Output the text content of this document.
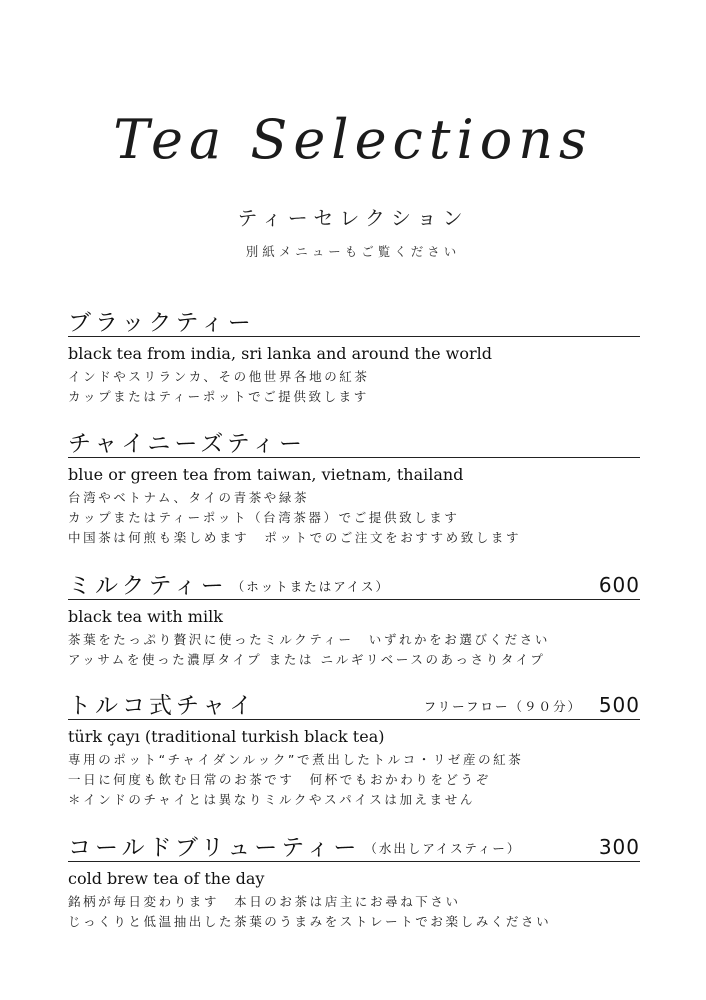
Tea Selections
ティーセレクション
別紙メニューもご覧ください
ブラックティー
black tea from india, sri lanka and around the world
インドやスリランカ、その他世界各地の紅茶
カップまたはティーポットでご提供致します
チャイニーズティー
blue or green tea from taiwan, vietnam, thailand
台湾やベトナム、タイの青茶や緑茶
カップまたはティーポット（台湾茶器）でご提供致します
中国茶は何煎も楽しめます　ポットでのご注文をおすすめ致します
ミルクティー （ホットまたはアイス）	600
black tea with milk
茶葉をたっぷり贅沢に使ったミルクティー　いずれかをお選びください
アッサムを使った濃厚タイプ または ニルギリベースのあっさりタイプ
トルコ式チャイ	フリーフロー（９０分） 500
türk çayı (traditional turkish black tea)
専用のポット“チャイダンルック”で煮出したトルコ・リゼ産の紅茶
一日に何度も飲む日常のお茶です　何杯でもおかわりをどうぞ
＊インドのチャイとは異なりミルクやスパイスは加えません
コールドブリューティー （水出しアイスティー）	300
cold brew tea of the day
銘柄が毎日変わります　本日のお茶は店主にお尋ね下さい
じっくりと低温抽出した茶葉のうまみをストレートでお楽しみください
